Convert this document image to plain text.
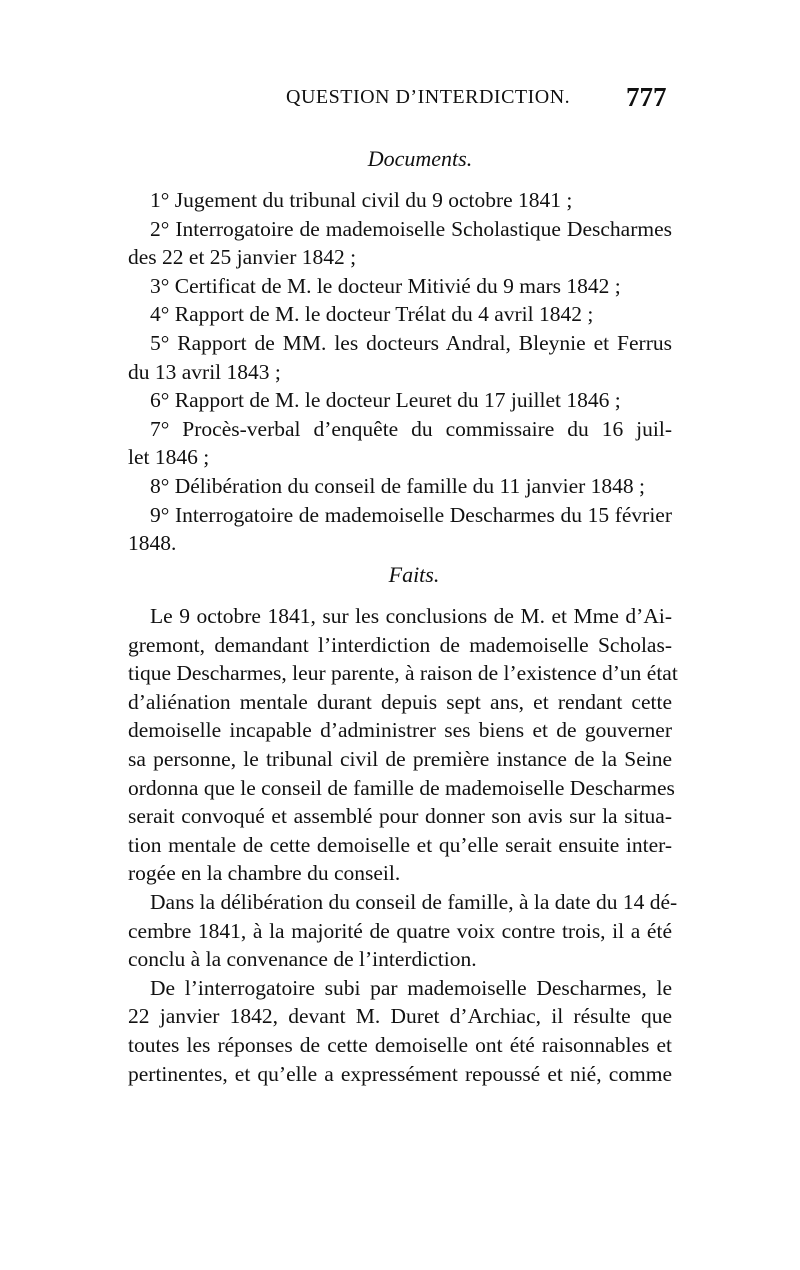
QUESTION D’INTERDICTION. 777
Documents.
1° Jugement du tribunal civil du 9 octobre 1841 ;
2° Interrogatoire de mademoiselle Scholastique Descharmes
des 22 et 25 janvier 1842 ;
3° Certificat de M. le docteur Mitivié du 9 mars 1842 ;
4° Rapport de M. le docteur Trélat du 4 avril 1842 ;
5° Rapport de MM. les docteurs Andral, Bleynie et Ferrus
du 13 avril 1843 ;
6° Rapport de M. le docteur Leuret du 17 juillet 1846 ;
7° Procès-verbal d’enquête du commissaire du 16 juil-
let 1846 ;
8° Délibération du conseil de famille du 11 janvier 1848 ;
9° Interrogatoire de mademoiselle Descharmes du 15 février
1848.
Faits.
Le 9 octobre 1841, sur les conclusions de M. et Mme d’Ai-
gremont, demandant l’interdiction de mademoiselle Scholas-
tique Descharmes, leur parente, à raison de l’existence d’un état
d’aliénation mentale durant depuis sept ans, et rendant cette
demoiselle incapable d’administrer ses biens et de gouverner
sa personne, le tribunal civil de première instance de la Seine
ordonna que le conseil de famille de mademoiselle Descharmes
serait convoqué et assemblé pour donner son avis sur la situa-
tion mentale de cette demoiselle et qu’elle serait ensuite inter-
rogée en la chambre du conseil.
Dans la délibération du conseil de famille, à la date du 14 dé-
cembre 1841, à la majorité de quatre voix contre trois, il a été
conclu à la convenance de l’interdiction.
De l’interrogatoire subi par mademoiselle Descharmes, le
22 janvier 1842, devant M. Duret d’Archiac, il résulte que
toutes les réponses de cette demoiselle ont été raisonnables et
pertinentes, et qu’elle a expressément repoussé et nié, comme
